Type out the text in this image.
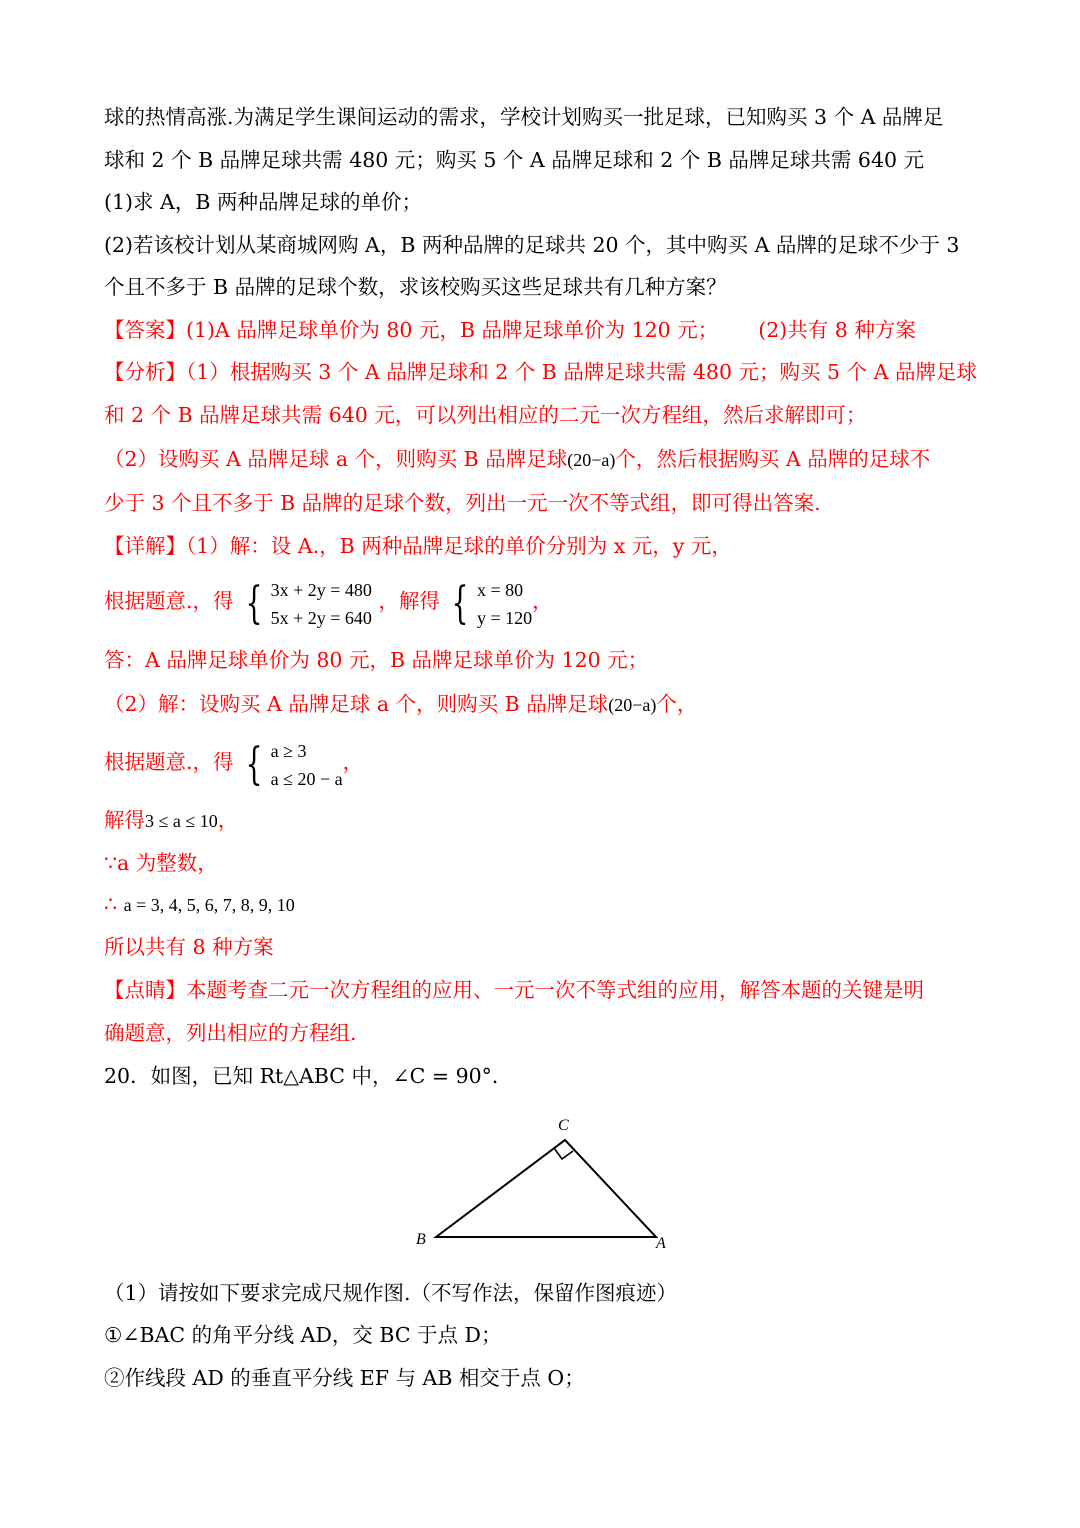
球的热情高涨.为满足学生课间运动的需求，学校计划购买一批足球，已知购买 3 个 A 品牌足
球和 2 个 B 品牌足球共需 480 元；购买 5 个 A 品牌足球和 2 个 B 品牌足球共需 640 元
(1)求 A，B 两种品牌足球的单价；
(2)若该校计划从某商城网购 A，B 两种品牌的足球共 20 个，其中购买 A 品牌的足球不少于 3
个且不多于 B 品牌的足球个数，求该校购买这些足球共有几种方案？
【答案】(1)A 品牌足球单价为 80 元，B 品牌足球单价为 120 元； (2)共有 8 种方案
【分析】（1）根据购买 3 个 A 品牌足球和 2 个 B 品牌足球共需 480 元；购买 5 个 A 品牌足球
和 2 个 B 品牌足球共需 640 元，可以列出相应的二元一次方程组，然后求解即可；
（2）设购买 A 品牌足球 a 个，则购买 B 品牌足球(20−a)个，然后根据购买 A 品牌的足球不
少于 3 个且不多于 B 品牌的足球个数，列出一元一次不等式组，即可得出答案.
【详解】（1）解：设 A.，B 两种品牌足球的单价分别为 x 元，y 元，
根据题意.，得 { 3x + 2y = 480
5x + 2y = 640
，解得 { x = 80
y = 120
，
答：A 品牌足球单价为 80 元，B 品牌足球单价为 120 元；
（2）解：设购买 A 品牌足球 a 个，则购买 B 品牌足球(20−a)个，
根据题意.，得 { a ≥ 3
a ≤ 20 − a
，
解得3 ≤ a ≤ 10，
∵a 为整数，
∴ a = 3, 4, 5, 6, 7, 8, 9, 10
所以共有 8 种方案
【点睛】本题考查二元一次方程组的应用、一元一次不等式组的应用，解答本题的关键是明
确题意，列出相应的方程组.
20．如图，已知 Rt△ABC 中，∠C = 90°．
C
B	A
（1）请按如下要求完成尺规作图.（不写作法，保留作图痕迹）
①∠BAC 的角平分线 AD，交 BC 于点 D；
②作线段 AD 的垂直平分线 EF 与 AB 相交于点 O；
